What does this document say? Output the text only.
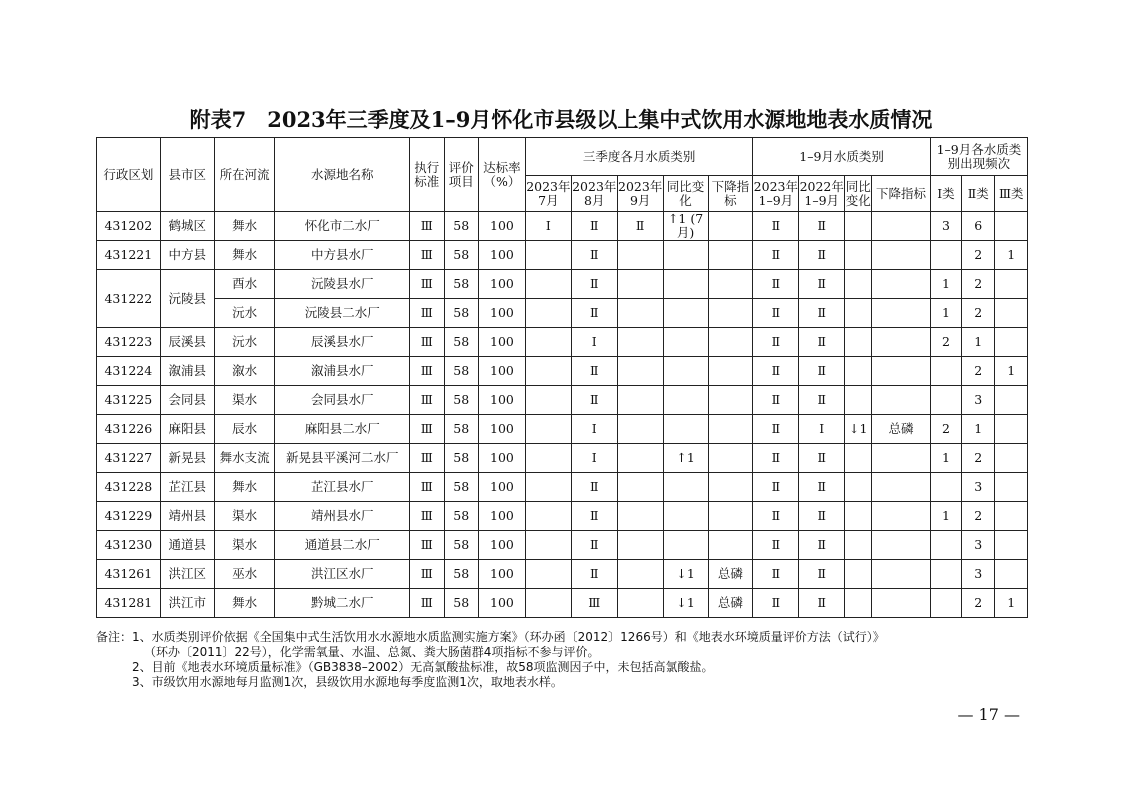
附表7　2023年三季度及1–9月怀化市县级以上集中式饮用水源地地表水质情况
行政区划	县市区	所在河流	水源地名称	执行标准	评价项目	达标率（%）	三季度各月水质类别					1–9月水质类别				1–9月各水质类别出现频次		
							2023年7月	2023年8月	2023年9月	同比变化	下降指标	2023年1–9月	2022年1–9月	同比变化	下降指标	Ⅰ类	Ⅱ类	Ⅲ类
431202	鹤城区	舞水	怀化市二水厂	Ⅲ	58	100	Ⅰ	Ⅱ	Ⅱ	↑1 (7月)		Ⅱ	Ⅱ			3	6	
431221	中方县	舞水	中方县水厂	Ⅲ	58	100		Ⅱ				Ⅱ	Ⅱ				2	1
431222	沅陵县	酉水	沅陵县水厂	Ⅲ	58	100		Ⅱ				Ⅱ	Ⅱ			1	2	
		沅水	沅陵县二水厂	Ⅲ	58	100		Ⅱ				Ⅱ	Ⅱ			1	2	
431223	辰溪县	沅水	辰溪县水厂	Ⅲ	58	100		Ⅰ				Ⅱ	Ⅱ			2	1	
431224	溆浦县	溆水	溆浦县水厂	Ⅲ	58	100		Ⅱ				Ⅱ	Ⅱ				2	1
431225	会同县	渠水	会同县水厂	Ⅲ	58	100		Ⅱ				Ⅱ	Ⅱ				3	
431226	麻阳县	辰水	麻阳县二水厂	Ⅲ	58	100		Ⅰ				Ⅱ	Ⅰ	↓1	总磷	2	1	
431227	新晃县	舞水支流	新晃县平溪河二水厂	Ⅲ	58	100		Ⅰ		↑1		Ⅱ	Ⅱ			1	2	
431228	芷江县	舞水	芷江县水厂	Ⅲ	58	100		Ⅱ				Ⅱ	Ⅱ				3	
431229	靖州县	渠水	靖州县水厂	Ⅲ	58	100		Ⅱ				Ⅱ	Ⅱ			1	2	
431230	通道县	渠水	通道县二水厂	Ⅲ	58	100		Ⅱ				Ⅱ	Ⅱ				3	
431261	洪江区	巫水	洪江区水厂	Ⅲ	58	100		Ⅱ		↓1	总磷	Ⅱ	Ⅱ				3	
431281	洪江市	舞水	黔城二水厂	Ⅲ	58	100		Ⅲ		↓1	总磷	Ⅱ	Ⅱ				2	1
备注：1、水质类别评价依据《全国集中式生活饮用水水源地水质监测实施方案》（环办函〔2012〕1266号）和《地表水环境质量评价方法（试行）》
（环办〔2011〕22号），化学需氧量、水温、总氮、粪大肠菌群4项指标不参与评价。
2、目前《地表水环境质量标准》（GB3838–2002）无高氯酸盐标准，故58项监测因子中，未包括高氯酸盐。
3、市级饮用水源地每月监测1次，县级饮用水源地每季度监测1次，取地表水样。
— 17 —
